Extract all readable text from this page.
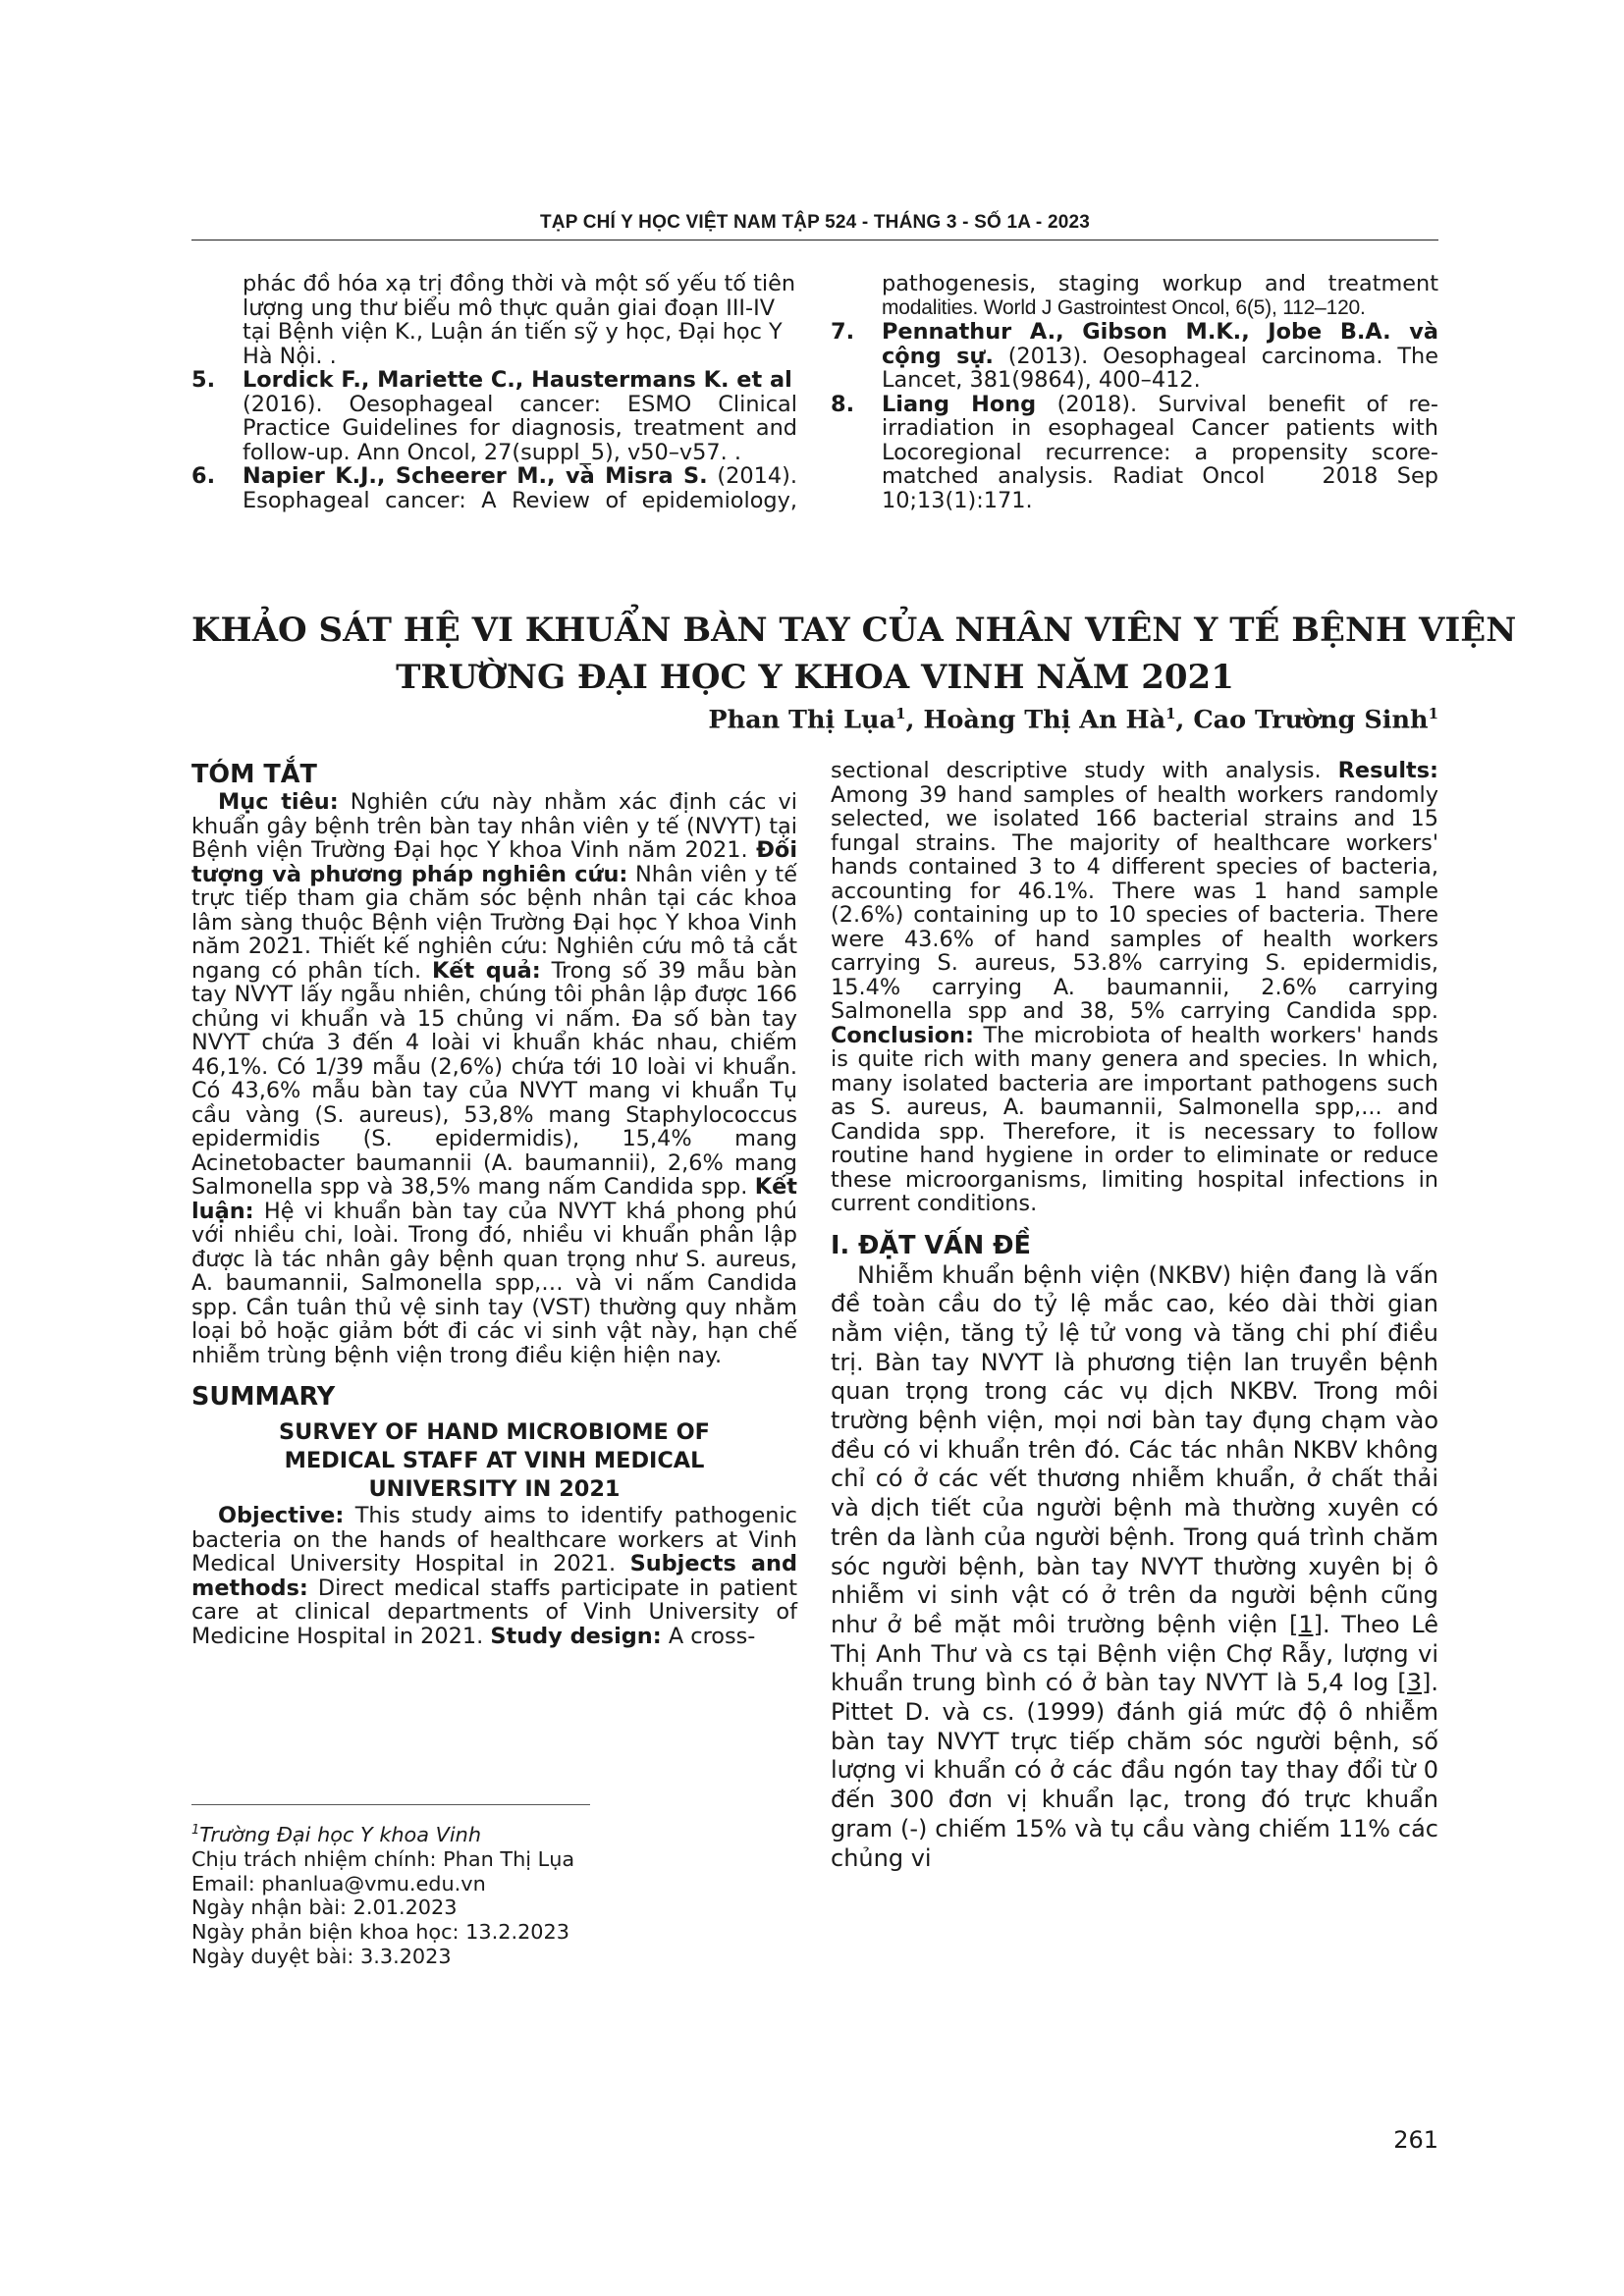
TẠP CHÍ Y HỌC VIỆT NAM TẬP 524 - THÁNG 3 - SỐ 1A - 2023
phác đồ hóa xạ trị đồng thời và một số yếu tố tiên
lượng ung thư biểu mô thực quản giai đoạn III-IV
tại Bệnh viện K., Luận án tiến sỹ y học, Đại học Y
Hà Nội. .
5.	Lordick F., Mariette C., Haustermans K. et al
(2016). Oesophageal cancer: ESMO Clinical
Practice Guidelines for diagnosis, treatment and
follow-up. Ann Oncol, 27(suppl_5), v50–v57. .
6.	Napier K.J., Scheerer M., và Misra S. (2014).
Esophageal cancer: A Review of epidemiology,
pathogenesis, staging workup and treatment
modalities. World J Gastrointest Oncol, 6(5), 112–120.
7.	Pennathur A., Gibson M.K., Jobe B.A. và
cộng sự. (2013). Oesophageal carcinoma. The
Lancet, 381(9864), 400–412.
8.	Liang Hong (2018). Survival benefit of re-
irradiation in esophageal Cancer patients with
Locoregional recurrence: a propensity score-
matched analysis. Radiat Oncol   2018 Sep
10;13(1):171.
KHẢO SÁT HỆ VI KHUẨN BÀN TAY CỦA NHÂN VIÊN Y TẾ BỆNH VIỆN
TRƯỜNG ĐẠI HỌC Y KHOA VINH NĂM 2021
Phan Thị Lụa$^1$, Hoàng Thị An $Hà^1$, Cao Trường Sinh$^1$
TÓM TẮT

Mục tiêu: Nghiên cứu này nhằm xác định các vi khuẩn gây bệnh trên bàn tay nhân viên y tế (NVYT) tại Bệnh viện Trường Đại học Y khoa Vinh năm 2021. Đối tượng và phương pháp nghiên cứu: Nhân viên y tế trực tiếp tham gia chăm sóc bệnh nhân tại các khoa lâm sàng thuộc Bệnh viện Trường Đại học Y khoa Vinh năm 2021. Thiết kế nghiên cứu: Nghiên cứu mô tả cắt ngang có phân tích. Kết quả: Trong số 39 mẫu bàn tay NVYT lấy ngẫu nhiên, chúng tôi phân lập được 166 chủng vi khuẩn và 15 chủng vi nấm. Đa số bàn tay NVYT chứa 3 đến 4 loài vi khuẩn khác nhau, chiếm 46,1%. Có 1/39 mẫu (2,6%) chứa tới 10 loài vi khuẩn. Có 43,6% mẫu bàn tay của NVYT mang vi khuẩn Tụ cầu vàng (S. aureus), 53,8% mang Staphylococcus epidermidis (S. epidermidis), 15,4% mang Acinetobacter baumannii (A. baumannii), 2,6% mang Salmonella spp và 38,5% mang nấm Candida spp. Kết luận: Hệ vi khuẩn bàn tay của NVYT khá phong phú với nhiều chi, loài. Trong đó, nhiều vi khuẩn phân lập được là tác nhân gây bệnh quan trọng như S. aureus, A. baumannii, Salmonella spp,… và vi nấm Candida spp. Cần tuân thủ vệ sinh tay (VST) thường quy nhằm loại bỏ hoặc giảm bớt đi các vi sinh vật này, hạn chế nhiễm trùng bệnh viện trong điều kiện hiện nay.

SUMMARY
SURVEY OF HAND MICROBIOME OF
MEDICAL STAFF AT VINH MEDICAL
UNIVERSITY IN 2021

Objective: This study aims to identify pathogenic bacteria on the hands of healthcare workers at Vinh Medical University Hospital in 2021. Subjects and methods: Direct medical staffs participate in patient care at clinical departments of Vinh University of Medicine Hospital in 2021. Study design: A cross-

$^1$Trường Đại học Y khoa Vinh

Chịu trách nhiệm chính: Phan Thị Lụa

Email: phanlua@vmu.edu.vn

Ngày nhận bài: 2.01.2023

Ngày phản biện khoa học: 13.2.2023

Ngày duyệt bài: 3.3.2023

sectional descriptive study with analysis. Results: Among 39 hand samples of health workers randomly selected, we isolated 166 bacterial strains and 15 fungal strains. The majority of healthcare workers' hands contained 3 to 4 different species of bacteria, accounting for 46.1%. There was 1 hand sample (2.6%) containing up to 10 species of bacteria. There were 43.6% of hand samples of health workers carrying S. aureus, 53.8% carrying S. epidermidis, 15.4% carrying A. baumannii, 2.6% carrying Salmonella spp and 38, 5% carrying Candida spp. Conclusion: The microbiota of health workers' hands is quite rich with many genera and species. In which, many isolated bacteria are important pathogens such as S. aureus, A. baumannii, Salmonella spp,... and Candida spp. Therefore, it is necessary to follow routine hand hygiene in order to eliminate or reduce these microorganisms, limiting hospital infections in current conditions.

I. ĐẶT VẤN ĐỀ

Nhiễm khuẩn bệnh viện (NKBV) hiện đang là vấn đề toàn cầu do tỷ lệ mắc cao, kéo dài thời gian nằm viện, tăng tỷ lệ tử vong và tăng chi phí điều trị. Bàn tay NVYT là phương tiện lan truyền bệnh quan trọng trong các vụ dịch NKBV. Trong môi trường bệnh viện, mọi nơi bàn tay đụng chạm vào đều có vi khuẩn trên đó. Các tác nhân NKBV không chỉ có ở các vết thương nhiễm khuẩn, ở chất thải và dịch tiết của người bệnh mà thường xuyên có trên da lành của người bệnh. Trong quá trình chăm sóc người bệnh, bàn tay NVYT thường xuyên bị ô nhiễm vi sinh vật có ở trên da người bệnh cũng như ở bề mặt môi trường bệnh viện [1]. Theo Lê Thị Anh Thư và cs tại Bệnh viện Chợ Rẫy, lượng vi khuẩn trung bình có ở bàn tay NVYT là 5,4 log [3]. Pittet D. và cs. (1999) đánh giá mức độ ô nhiễm bàn tay NVYT trực tiếp chăm sóc người bệnh, số lượng vi khuẩn có ở các đầu ngón tay thay đổi từ 0 đến 300 đơn vị khuẩn lạc, trong đó trực khuẩn gram (-) chiếm 15% và tụ cầu vàng chiếm 11% các chủng vi

261
